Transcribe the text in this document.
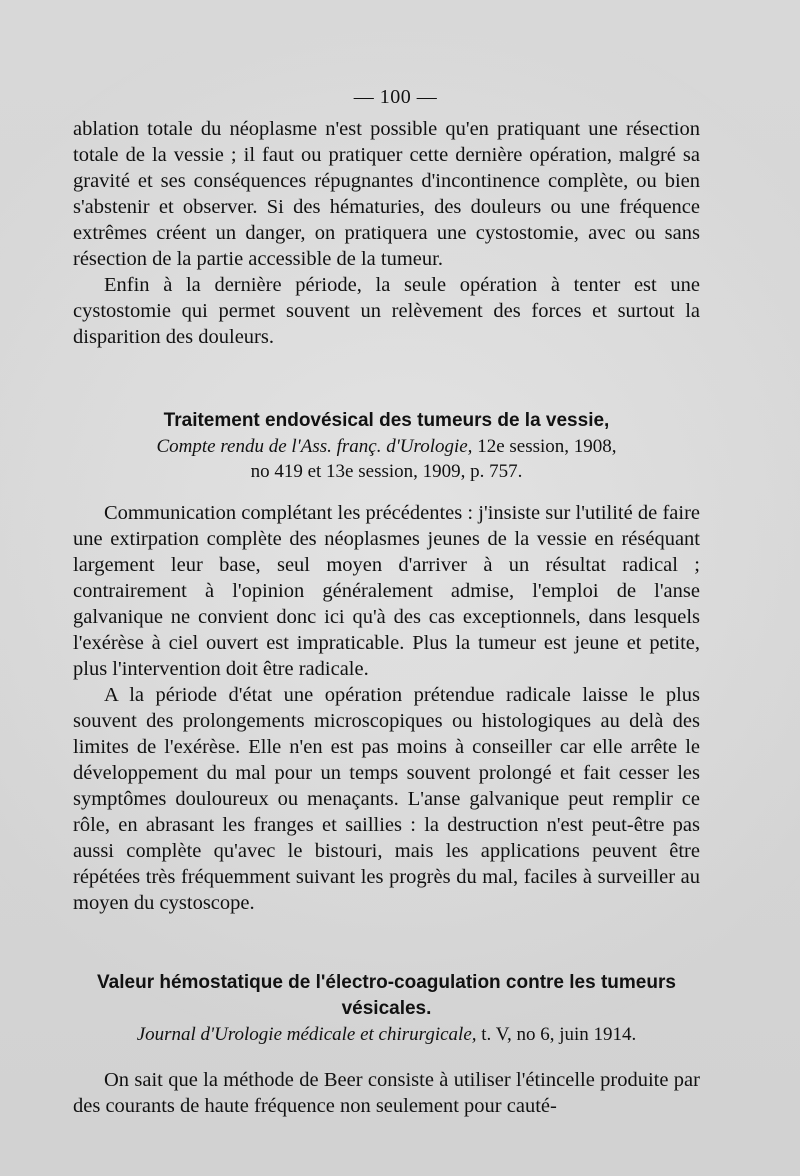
— 100 —

ablation totale du néoplasme n'est possible qu'en pratiquant une résection totale de la vessie ; il faut ou pratiquer cette dernière opération, malgré sa gravité et ses conséquences répugnantes d'incontinence complète, ou bien s'abstenir et observer. Si des hématuries, des douleurs ou une fréquence extrêmes créent un danger, on pratiquera une cystostomie, avec ou sans résection de la partie accessible de la tumeur.

Enfin à la dernière période, la seule opération à tenter est une cystostomie qui permet souvent un relèvement des forces et surtout la disparition des douleurs.

Traitement endovésical des tumeurs de la vessie,

Compte rendu de l'Ass. franç. d'Urologie, 12e session, 1908,

no 419 et 13e session, 1909, p. 757.

Communication complétant les précédentes : j'insiste sur l'utilité de faire une extirpation complète des néoplasmes jeunes de la vessie en réséquant largement leur base, seul moyen d'arriver à un résultat radical ; contrairement à l'opinion généralement admise, l'emploi de l'anse galvanique ne convient donc ici qu'à des cas exceptionnels, dans lesquels l'exérèse à ciel ouvert est impraticable. Plus la tumeur est jeune et petite, plus l'intervention doit être radicale.

A la période d'état une opération prétendue radicale laisse le plus souvent des prolongements microscopiques ou histologiques au delà des limites de l'exérèse. Elle n'en est pas moins à conseiller car elle arrête le développement du mal pour un temps souvent prolongé et fait cesser les symptômes douloureux ou menaçants. L'anse galvanique peut remplir ce rôle, en abrasant les franges et saillies : la destruction n'est peut-être pas aussi complète qu'avec le bistouri, mais les applications peuvent être répétées très fréquemment suivant les progrès du mal, faciles à surveiller au moyen du cystoscope.

Valeur hémostatique de l'électro-coagulation contre les tumeurs vésicales.

Journal d'Urologie médicale et chirurgicale, t. V, no 6, juin 1914.

On sait que la méthode de Beer consiste à utiliser l'étincelle produite par des courants de haute fréquence non seulement pour cauté-
